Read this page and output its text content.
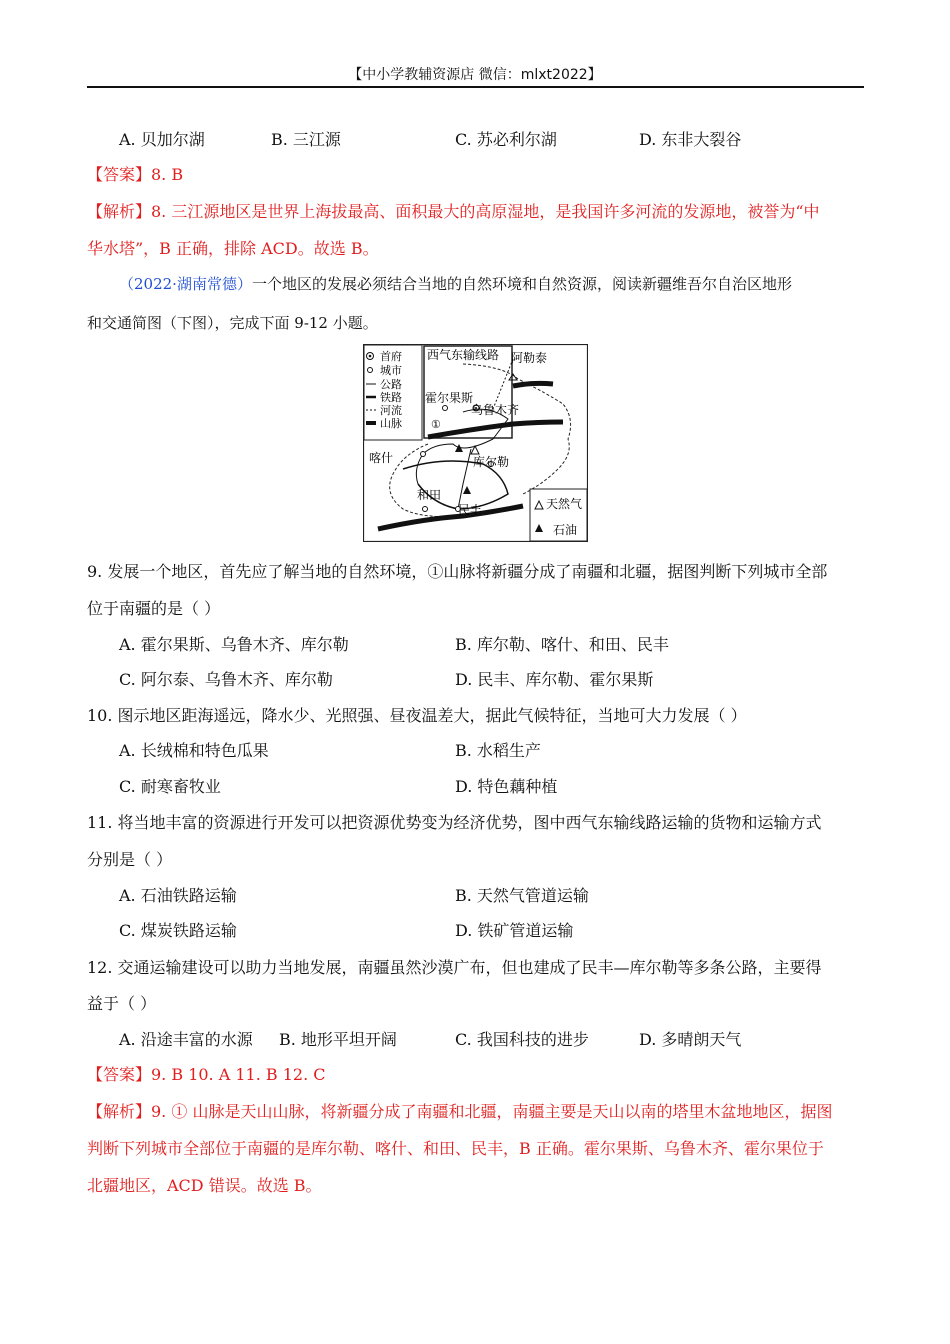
【中小学教辅资源店 微信：mlxt2022】
A. 贝加尔湖	B. 三江源	C. 苏必利尔湖	D. 东非大裂谷
【答案】8. B
【解析】8. 三江源地区是世界上海拔最高、面积最大的高原湿地，是我国许多河流的发源地，被誉为“中
华水塔”，B 正确，排除 ACD。故选 B。
（2022·湖南常德）一个地区的发展必须结合当地的自然环境和自然资源，阅读新疆维吾尔自治区地形
和交通简图（下图），完成下面 9-12 小题。
首府
城市
公路
铁路
河流
山脉
西气东输线路 阿勒泰
霍尔果斯
乌鲁木齐
①
喀什	库尔勒
和田
民丰	天然气
石油
9. 发展一个地区，首先应了解当地的自然环境，①山脉将新疆分成了南疆和北疆，据图判断下列城市全部
位于南疆的是（ ）
A. 霍尔果斯、乌鲁木齐、库尔勒	B. 库尔勒、喀什、和田、民丰
C. 阿尔泰、乌鲁木齐、库尔勒	D. 民丰、库尔勒、霍尔果斯
10. 图示地区距海遥远，降水少、光照强、昼夜温差大，据此气候特征，当地可大力发展（ ）
A. 长绒棉和特色瓜果	B. 水稻生产
C. 耐寒畜牧业	D. 特色藕种植
11. 将当地丰富的资源进行开发可以把资源优势变为经济优势，图中西气东输线路运输的货物和运输方式
分别是（ ）
A. 石油铁路运输	B. 天然气管道运输
C. 煤炭铁路运输	D. 铁矿管道运输
12. 交通运输建设可以助力当地发展，南疆虽然沙漠广布，但也建成了民丰—库尔勒等多条公路，主要得
益于（ ）
A. 沿途丰富的水源 B. 地形平坦开阔	C. 我国科技的进步	D. 多晴朗天气
【答案】9. B 10. A 11. B 12. C
【解析】9. ① 山脉是天山山脉，将新疆分成了南疆和北疆，南疆主要是天山以南的塔里木盆地地区，据图
判断下列城市全部位于南疆的是库尔勒、喀什、和田、民丰，B 正确。霍尔果斯、乌鲁木齐、霍尔果位于
北疆地区，ACD 错误。故选 B。
